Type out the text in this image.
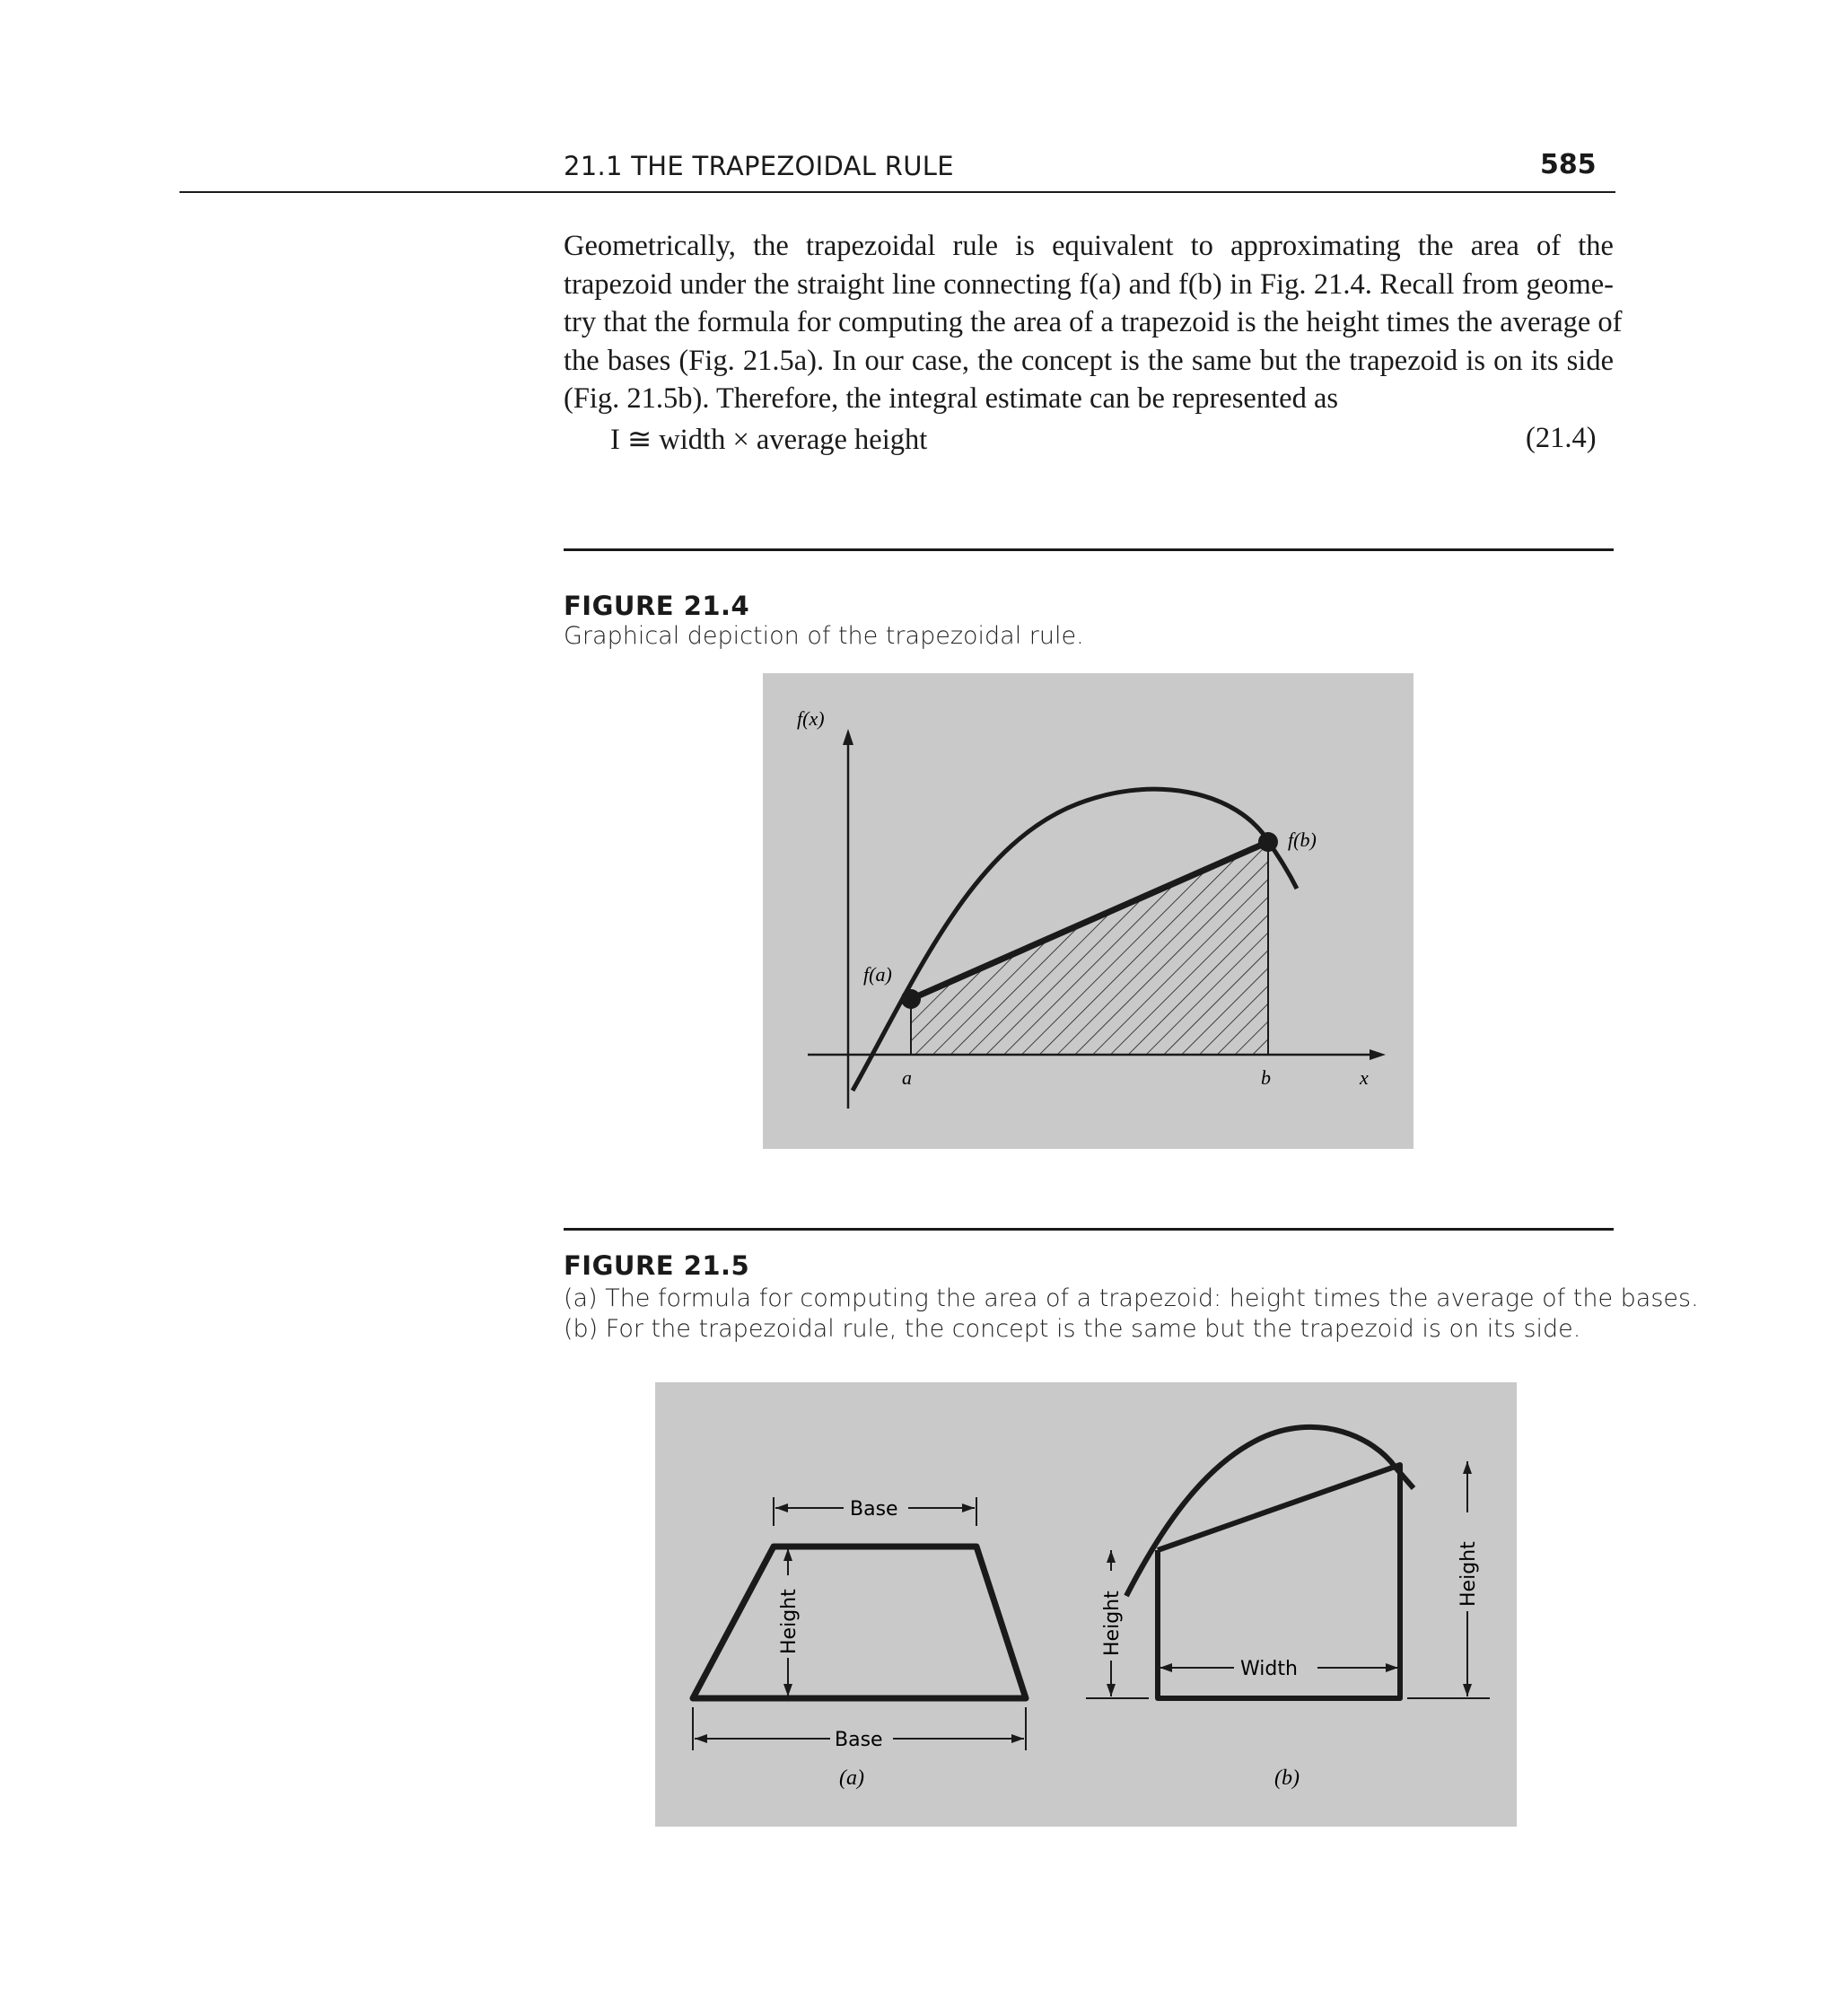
21.1 THE TRAPEZOIDAL RULE	585
Geometrically, the trapezoidal rule is equivalent to approximating the area of the
trapezoid under the straight line connecting f(a) and f(b) in Fig. 21.4. Recall from geome-
try that the formula for computing the area of a trapezoid is the height times the average of
the bases (Fig. 21.5a). In our case, the concept is the same but the trapezoid is on its side
(Fig. 21.5b). Therefore, the integral estimate can be represented as
I ≅ width × average height	(21.4)
FIGURE 21.4
Graphical depiction of the trapezoidal rule.
f(x)
f(a)
f(b)
a	b	x
FIGURE 21.5
(a) The formula for computing the area of a trapezoid: height times the average of the bases.
(b) For the trapezoidal rule, the concept is the same but the trapezoid is on its side.
Base
Height
Base
(a)
Height
Width
Height
(b)
